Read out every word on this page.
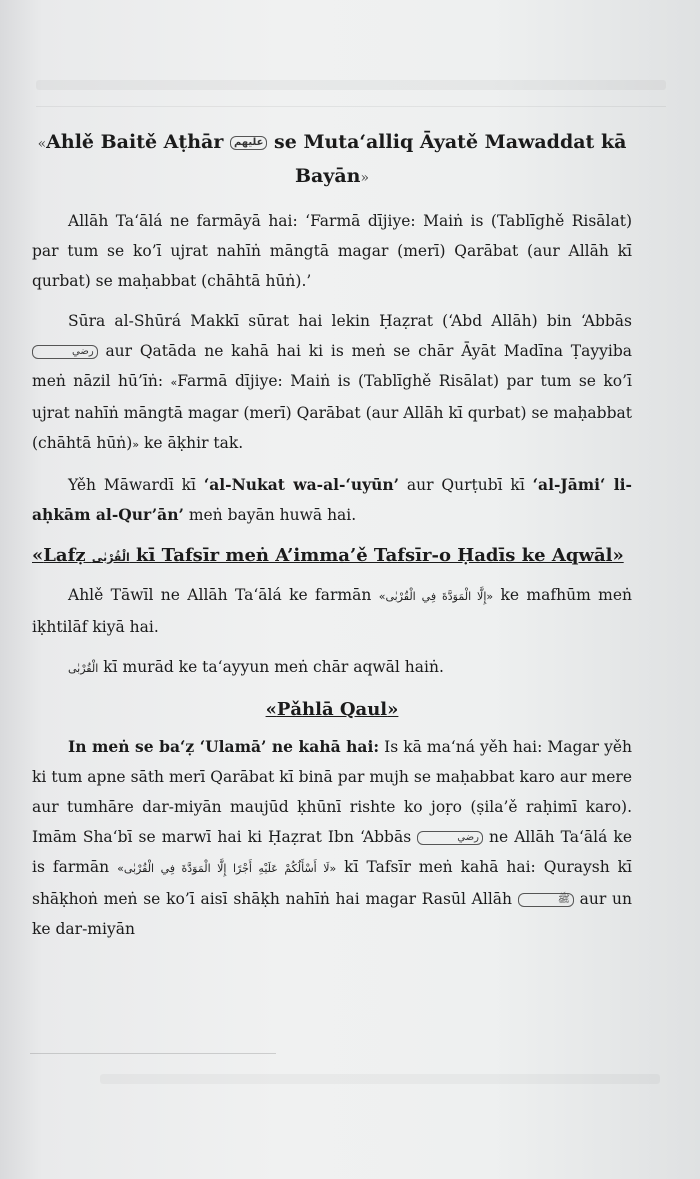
«Ahlě Baitě Aṭhār عليهم se Muta‘alliq Āyatě Mawaddat kā Bayān»

Allāh Ta‘ālá ne farmāyā hai: ‘Farmā dījiye: Maiṅ is (Tablīghě Risālat) par tum se ko’ī ujrat nahīṅ māngtā magar (merī) Qarābat (aur Allāh kī qurbat) se maḥabbat (chāhtā hūṅ).’

Sūra al-Shūrá Makkī sūrat hai lekin Ḥaẓrat (‘Abd Allāh) bin ‘Abbās رضي aur Qatāda ne kahā hai ki is meṅ se chār Āyāt Madīna Ṭayyiba meṅ nāzil hū’īṅ: «Farmā dījiye: Maiṅ is (Tablīghě Risālat) par tum se ko’ī ujrat nahīṅ māngtā magar (merī) Qarābat (aur Allāh kī qurbat) se maḥabbat (chāhtā hūṅ)» ke āḳhir tak.

Yěh Māwardī kī ‘al-Nukat wa-al-‘uyūn’ aur Qurṭubī kī ‘al-Jāmi‘ li-aḥkām al-Qur’ān’ meṅ bayān huwā hai.

«Lafẓ الْقُرْبٰى kī Tafsīr meṅ A’imma’ě Tafsīr-o Ḥadīs ke Aqwāl»

Ahlě Tāwīl ne Allāh Ta‘ālá ke farmān «إِلَّا الْمَوَدَّةَ فِي الْقُرْبٰى» ke mafhūm meṅ iḳhtilāf kiyā hai.

الْقُرْبٰى kī murād ke ta‘ayyun meṅ chār aqwāl haiṅ.

«Pǎhlā Qaul»

In meṅ se ba‘ẓ ‘Ulamā’ ne kahā hai: Is kā ma‘ná yěh hai: Magar yěh ki tum apne sāth merī Qarābat kī binā par mujh se maḥabbat karo aur mere aur tumhāre dar-miyān maujūd ḳhūnī rishte ko joṛo (ṣila’ě raḥimī karo). Imām Sha‘bī se marwī hai ki Ḥaẓrat Ibn ‘Abbās	رضي ne Allāh Ta‘ālá ke is farmān «لَا أَسْأَلُكُمْ عَلَيْهِ أَجْرًا إِلَّا الْمَوَدَّةَ فِي الْقُرْبٰى» kī Tafsīr meṅ kahā hai: Quraysh kī shāḳhoṅ meṅ se ko’ī aisī shāḳh nahīṅ hai magar Rasūl Allāh	ﷺ aur un ke dar-miyān
